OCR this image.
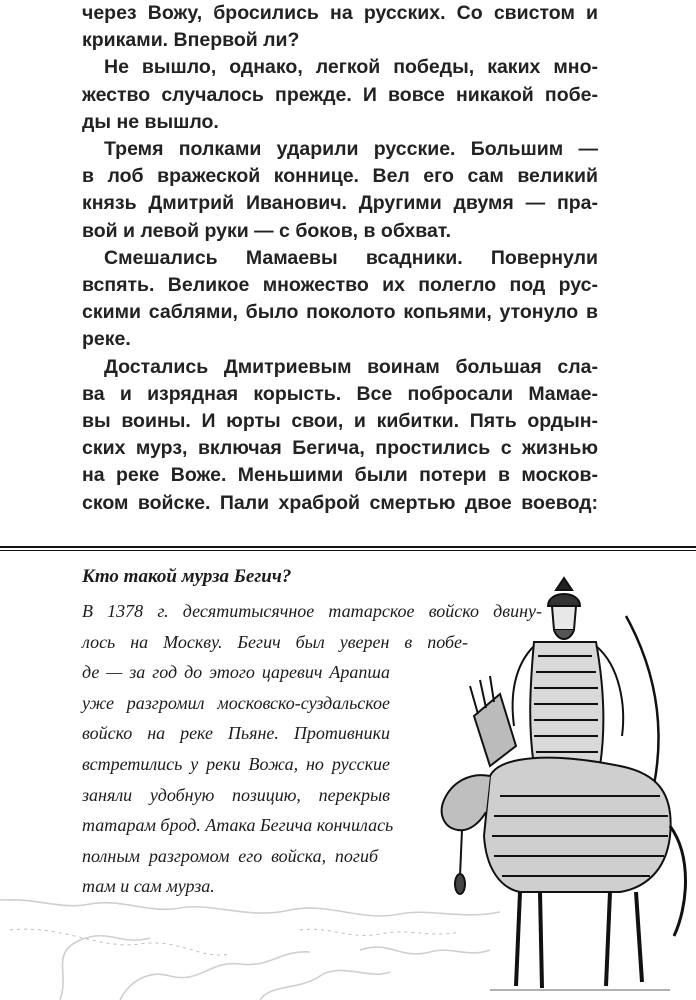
через Вожу, бросились на русских. Со свистом и
криками. Впервой ли?

Не вышло, однако, легкой победы, каких мно-
жество случалось прежде. И вовсе никакой побе-
ды не вышло.

Тремя полками ударили русские. Большим —
в лоб вражеской коннице. Вел его сам великий
князь Дмитрий Иванович. Другими двумя — пра-
вой и левой руки — с боков, в обхват.

Смешались Мамаевы всадники. Повернули
вспять. Великое множество их полегло под рус-
скими саблями, было поколото копьями, утонуло в
реке.

Достались Дмитриевым воинам большая сла-
ва и изрядная корысть. Все побросали Мамае-
вы воины. И юрты свои, и кибитки. Пять ордын-
ских мурз, включая Бегича, простились с жизнью
на реке Воже. Меньшими были потери в москов-
ском войске. Пали храброй смертью двое воевод:

Кто такой мурза Бегич?
В 1378 г. десятитысячное татарское войско двину-
лось на Москву. Бегич был уверен в побе-
де — за год до этого царевич Арапша
уже разгромил московско-суздальское
войско на реке Пьяне. Противники
встретились у реки Вожа, но русские
заняли удобную позицию, перекрыв
татарам брод. Атака Бегича кончилась
полным разгромом его войска, погиб
там и сам мурза.
